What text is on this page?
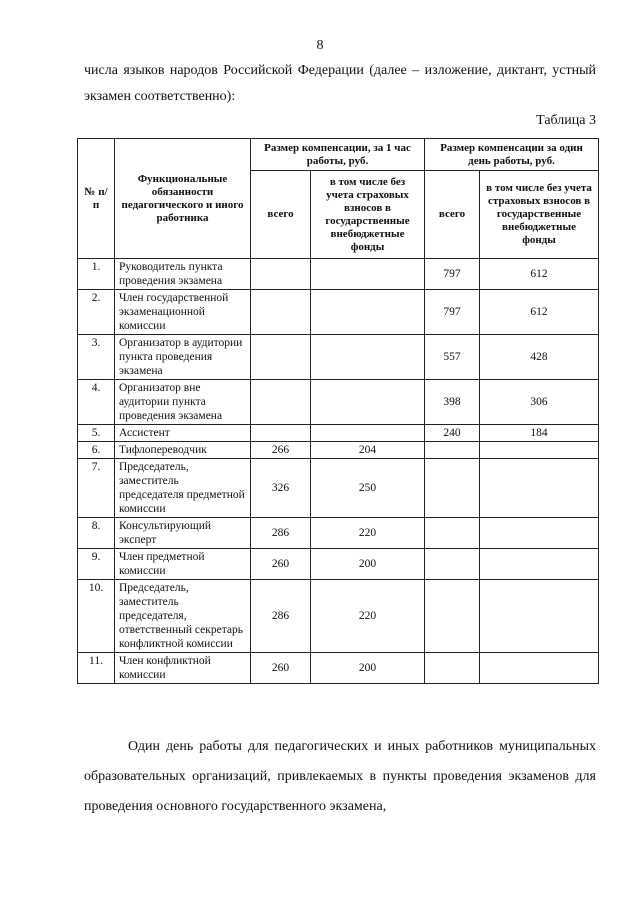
8
числа языков народов Российской Федерации (далее – изложение, диктант, устный экзамен соответственно):
Таблица 3
№ п/п	Функциональные обязанности педагогического и иного работника	Размер компенсации, за 1 час работы, руб.		Размер компенсации за один день работы, руб.	
		всего	в том числе без учета страховых взносов в государственные внебюджетные фонды	всего	в том числе без учета страховых взносов в государственные внебюджетные фонды
1.	Руководитель пункта проведения экзамена			797	612
2.	Член государственной экзаменационной комиссии			797	612
3.	Организатор в аудитории пункта проведения экзамена			557	428
4.	Организатор вне аудитории пункта проведения экзамена			398	306
5.	Ассистент			240	184
6.	Тифлопереводчик	266	204		
7.	Председатель, заместитель председателя предметной комиссии	326	250		
8.	Консультирующий эксперт	286	220		
9.	Член предметной комиссии	260	200		
10.	Председатель, заместитель председателя, ответственный секретарь конфликтной комиссии	286	220		
11.	Член конфликтной комиссии	260	200		

Один день работы для педагогических и иных работников муниципальных образовательных организаций, привлекаемых в пункты проведения экзаменов для проведения основного государственного экзамена,
